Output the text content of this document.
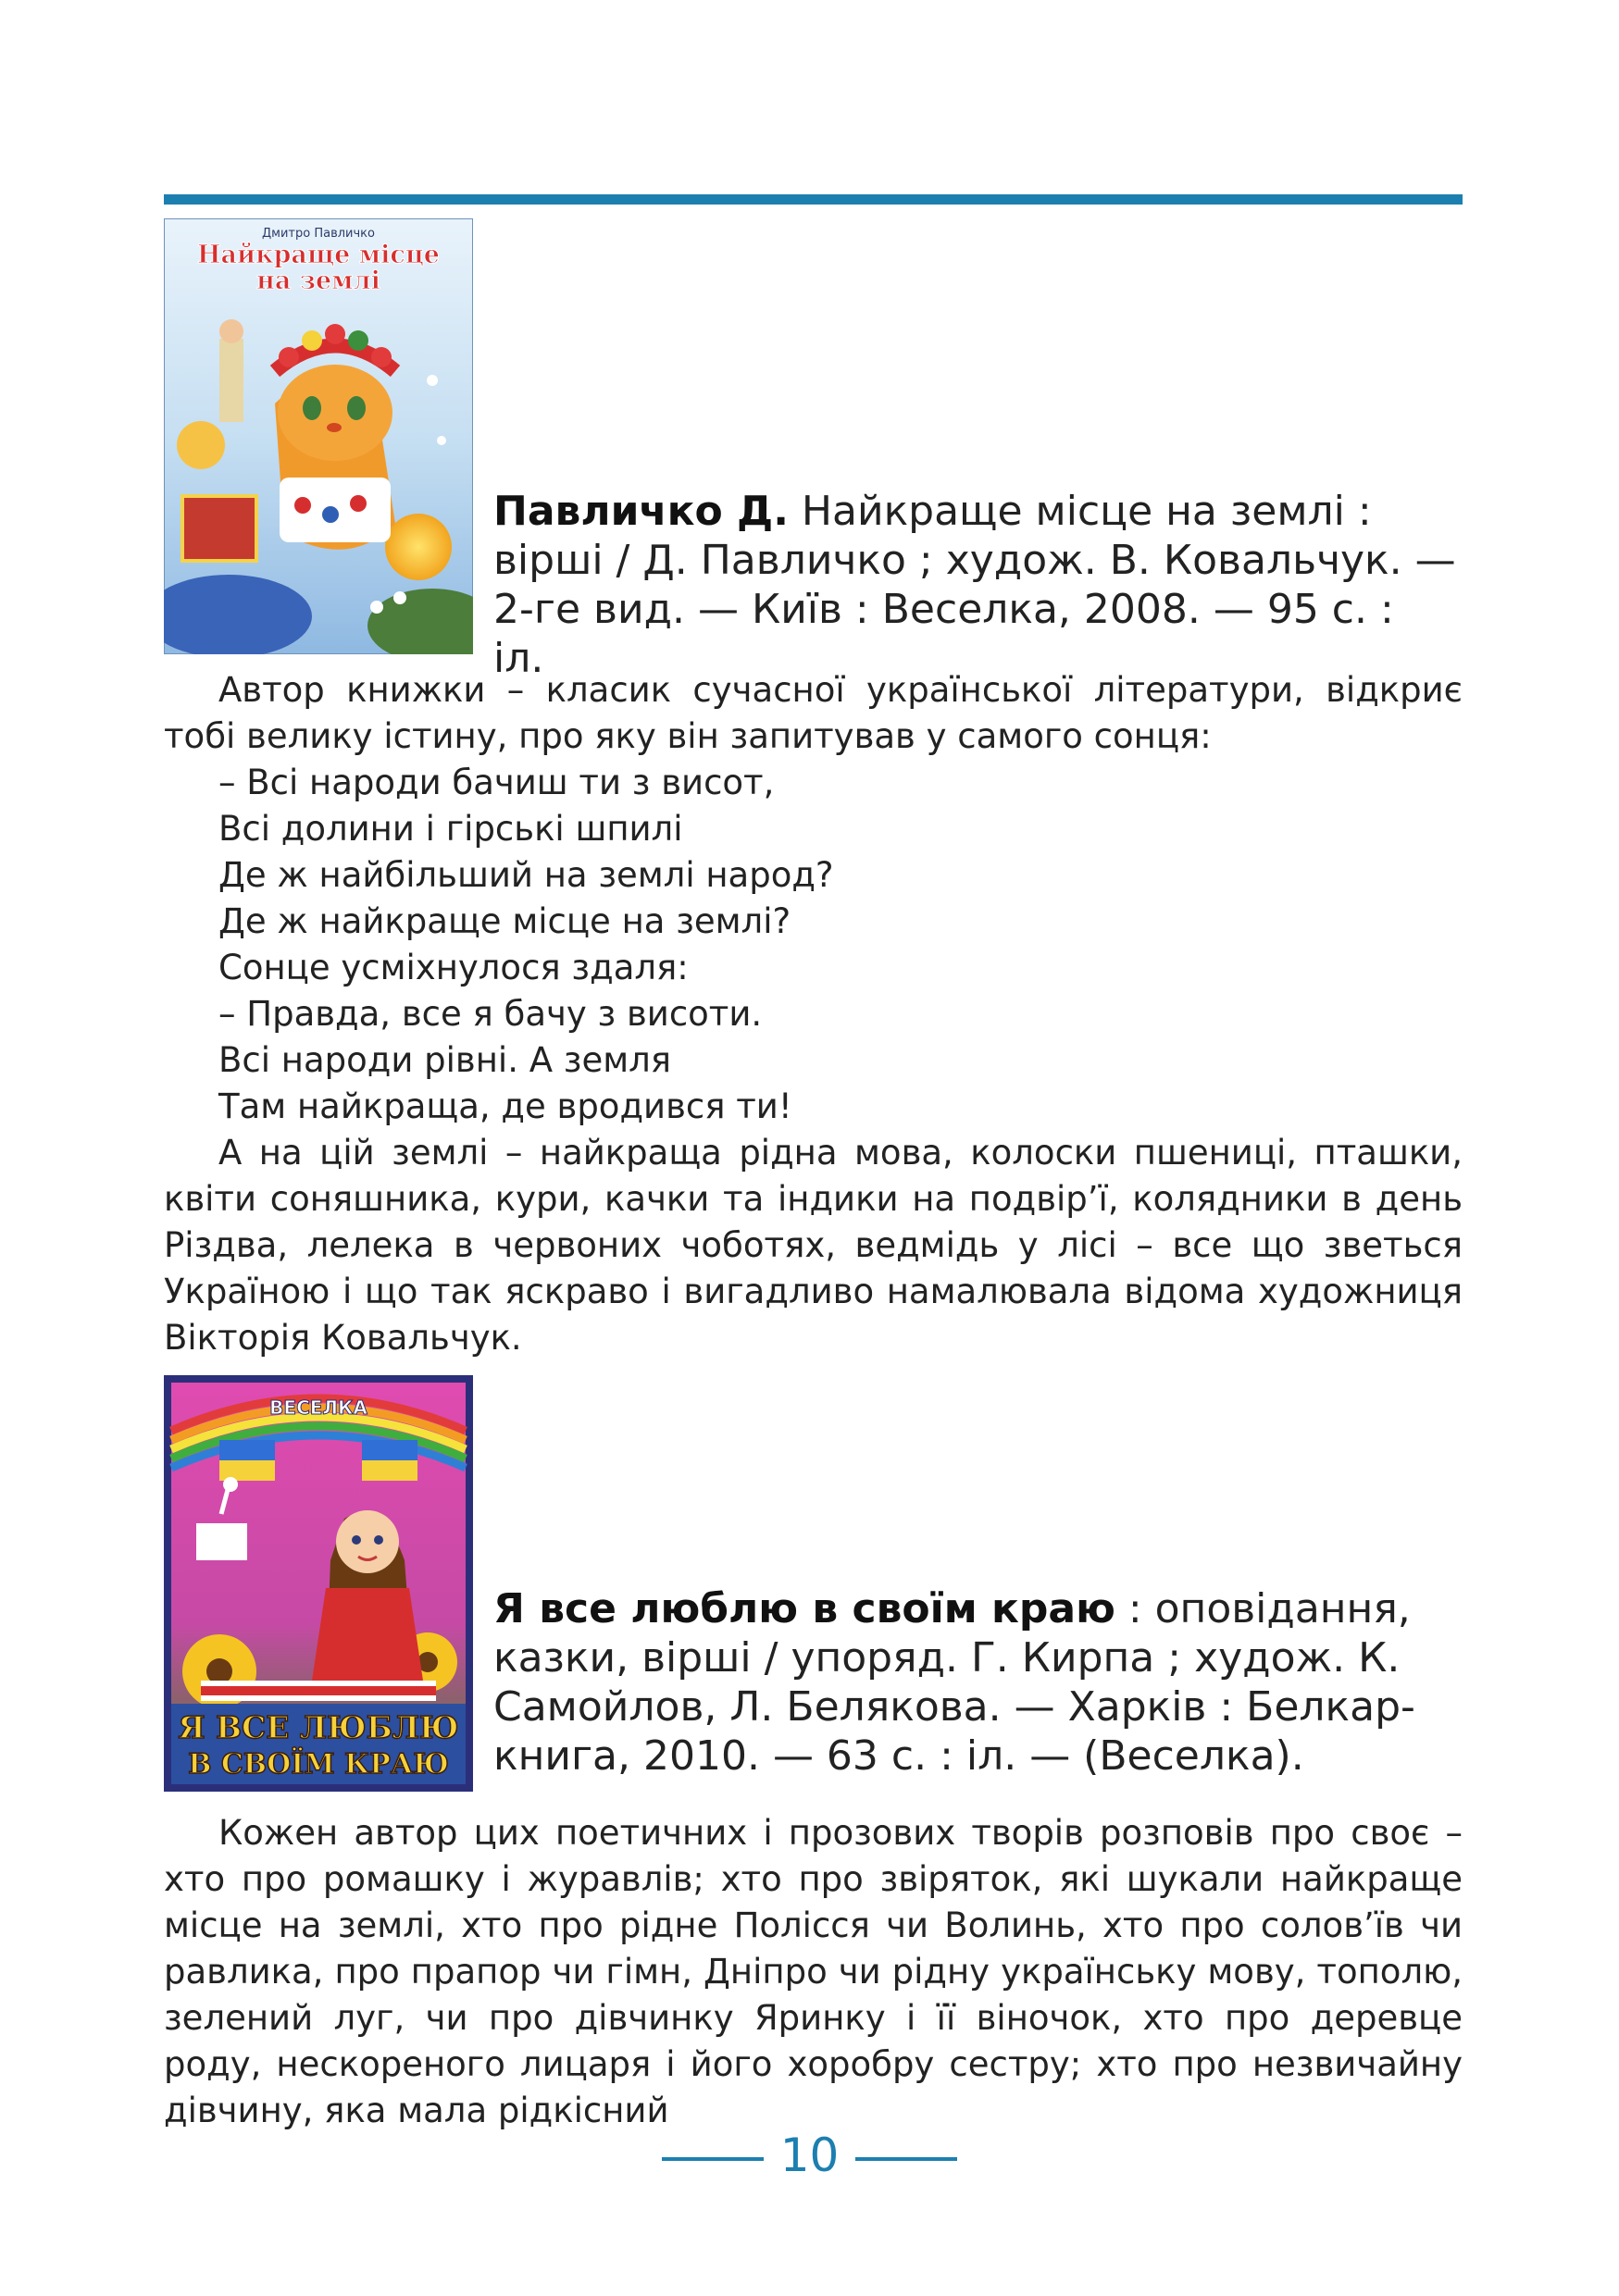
Дмитро Павличко
Найкраще місце
на землі
Павличко Д. Найкраще місце на землі : вірші / Д. Павличко ; худож. В. Ковальчук. — 2-ге вид. — Київ : Веселка, 2008. — 95 с. : іл.

Автор книжки – класик сучасної української літератури, відкриє тобі велику істину, про яку він запитував у самого сонця:

– Всі народи бачиш ти з висот,
Всі долини і гірські шпилі
Де ж найбільший на землі народ?
Де ж найкраще місце на землі?
Сонце усміхнулося здаля:
– Правда, все я бачу з висоти.
Всі народи рівні. А земля
Там найкраща, де вродився ти!

А на цій землі – найкраща рідна мова, колоски пшениці, пташки, квіти соняшника, кури, качки та індики на подвір’ї, колядники в день Різдва, лелека в червоних чоботях, ведмідь у лісі – все що зветься Україною і що так яскраво і вигадливо намалювала відома художниця Вікторія Ковальчук.

ВЕСЕЛКА
Я ВСЕ ЛЮБЛЮ
В СВОЇМ КРАЮ
Я все люблю в своїм краю : оповідання, казки, вірші / упоряд. Г. Кирпа ; худож. К. Самойлов, Л. Белякова. — Харків : Белкаркнига, 2010. — 63 с. : іл. — (Веселка).

Кожен автор цих поетичних і прозових творів розповів про своє – хто про ромашку і журавлів; хто про звіряток, які шукали найкраще місце на землі, хто про рідне Полісся чи Волинь, хто про солов’їв чи равлика, про прапор чи гімн, Дніпро чи рідну українську мову, тополю, зелений луг, чи про дівчинку Яринку і її віночок, хто про деревце роду, нескореного лицаря і його хоробру сестру; хто про незвичайну дівчину, яка мала рідкісний

10
